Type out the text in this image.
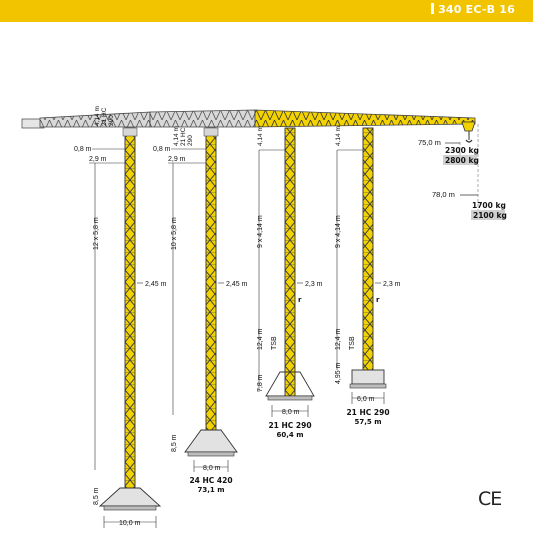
340 EC-B 16
75,0 m
2300 kg
2800 kg
78,0 m
1700 kg
2100 kg
4,14 m 21 HC 290
0,8 m
2,9 m
12 x 5,8 m
2,45 m
8,5 m
10,0 m
4,14 m 21 HC 290
0,8 m
2,9 m
10 x 5,8 m
2,45 m
8,5 m
8,0 m
24 HC 420
73,1 m
4,14 m
9 x 4,14 m
2,3 m
r
12,4 m TSB
7,8 m
8,0 m
21 HC 290
60,4 m
4,14 m
9 x 4,14 m
2,3 m
r
12,4 m TSB
4,95 m
6,0 m
21 HC 290
57,5 m
CE
